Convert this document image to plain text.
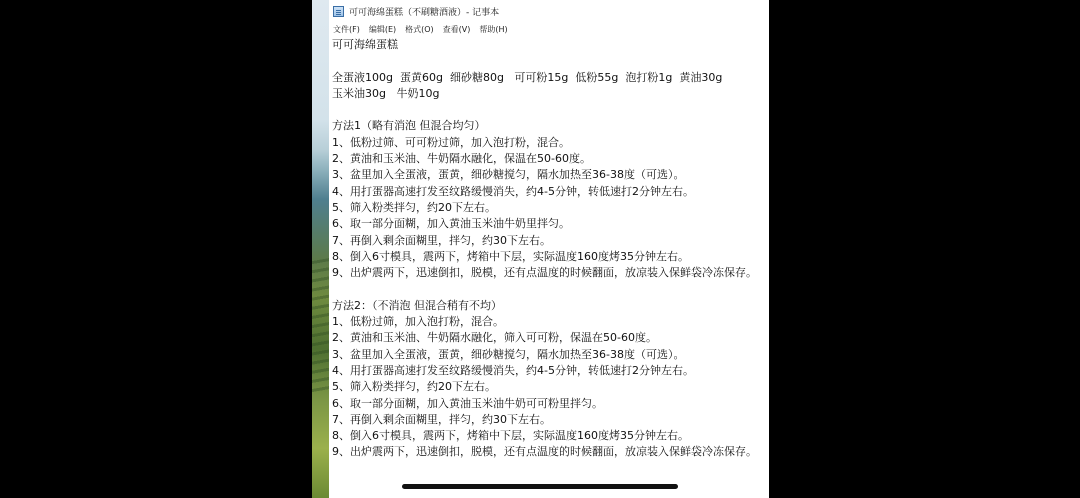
可可海绵蛋糕（不刷糖酒液）- 记事本
文件(F) 编辑(E) 格式(O) 查看(V) 帮助(H)
可可海绵蛋糕
全蛋液100g  蛋黄60g  细砂糖80g   可可粉15g  低粉55g  泡打粉1g  黄油30g
玉米油30g   牛奶10g
方法1（略有消泡 但混合均匀）
1、低粉过筛、可可粉过筛，加入泡打粉，混合。
2、黄油和玉米油、牛奶隔水融化，保温在50-60度。
3、盆里加入全蛋液，蛋黄，细砂糖搅匀，隔水加热至36-38度（可选）。
4、用打蛋器高速打发至纹路缓慢消失，约4-5分钟，转低速打2分钟左右。
5、筛入粉类拌匀，约20下左右。
6、取一部分面糊，加入黄油玉米油牛奶里拌匀。
7、再倒入剩余面糊里，拌匀，约30下左右。
8、倒入6寸模具，震两下，烤箱中下层，实际温度160度烤35分钟左右。
9、出炉震两下，迅速倒扣，脱模，还有点温度的时候翻面，放凉装入保鲜袋冷冻保存。
方法2：（不消泡 但混合稍有不均）
1、低粉过筛，加入泡打粉，混合。
2、黄油和玉米油、牛奶隔水融化，筛入可可粉，保温在50-60度。
3、盆里加入全蛋液，蛋黄，细砂糖搅匀，隔水加热至36-38度（可选）。
4、用打蛋器高速打发至纹路缓慢消失，约4-5分钟，转低速打2分钟左右。
5、筛入粉类拌匀，约20下左右。
6、取一部分面糊，加入黄油玉米油牛奶可可粉里拌匀。
7、再倒入剩余面糊里，拌匀，约30下左右。
8、倒入6寸模具，震两下，烤箱中下层，实际温度160度烤35分钟左右。
9、出炉震两下，迅速倒扣，脱模，还有点温度的时候翻面，放凉装入保鲜袋冷冻保存。
